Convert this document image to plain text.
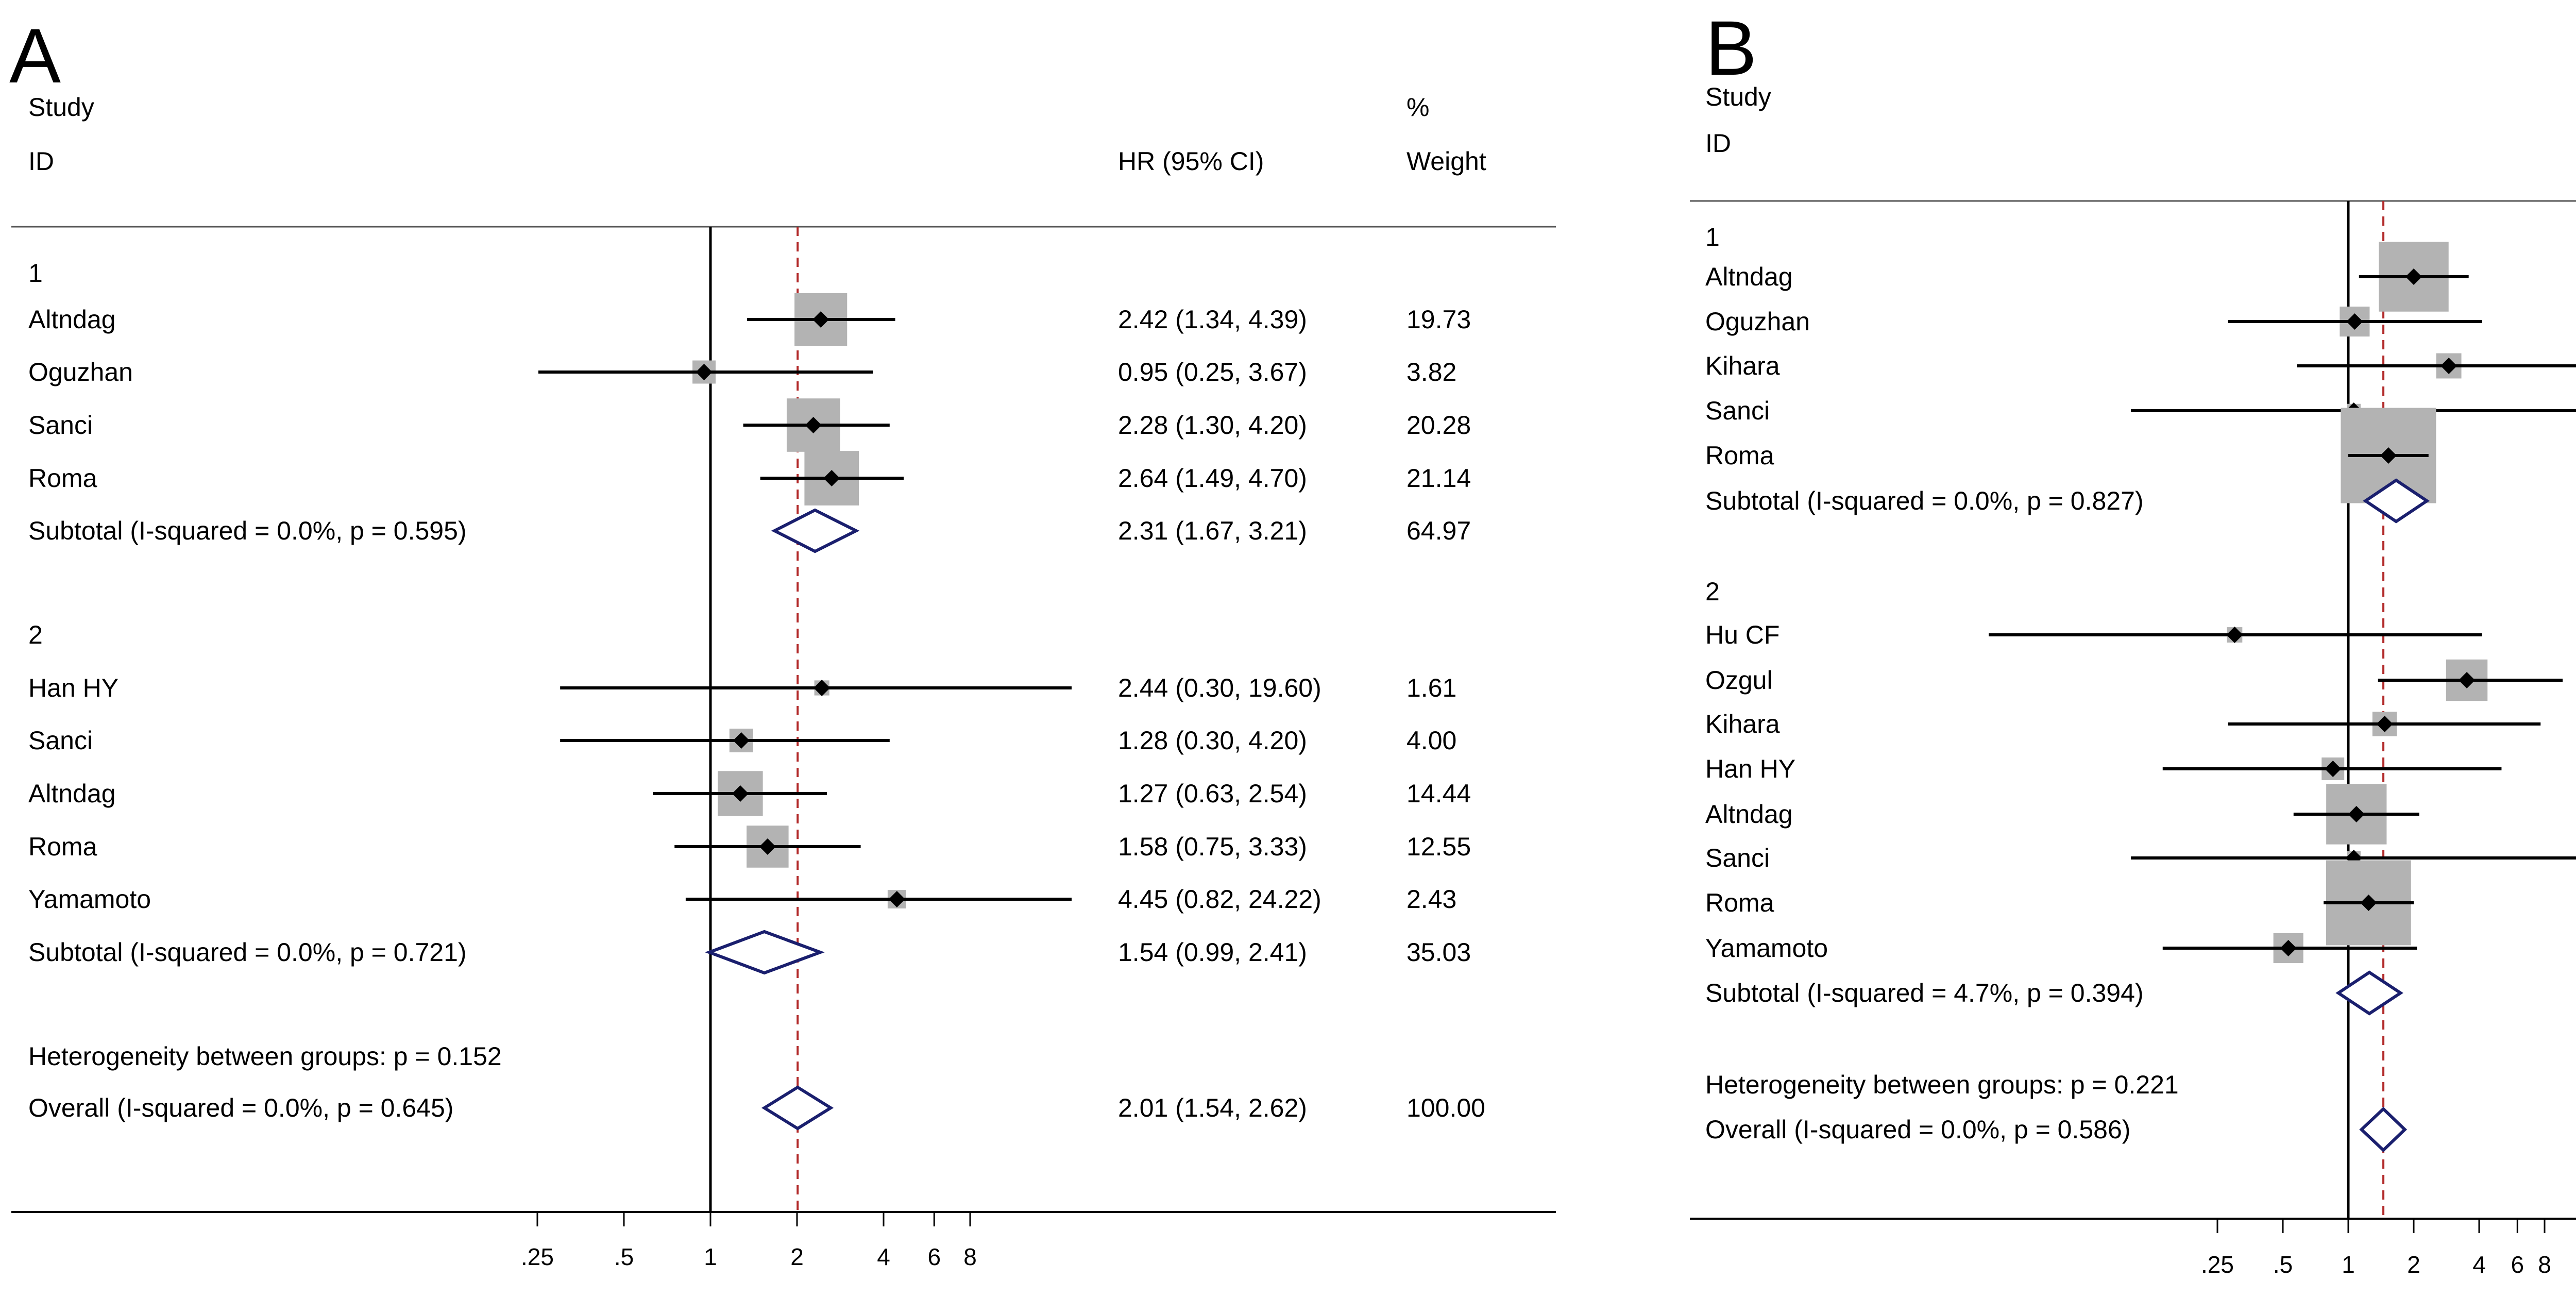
A
Study
ID	HR (95% CI)
%
Weight
.25	.5	1	2	4 6 8
1
Altndag	2.42 (1.34, 4.39)	19.73
Oguzhan	0.95 (0.25, 3.67)	3.82
Sanci	2.28 (1.30, 4.20)	20.28
Roma	2.64 (1.49, 4.70)	21.14
Subtotal (I-squared = 0.0%, p = 0.595)	2.31 (1.67, 3.21)	64.97
2
Han HY	2.44 (0.30, 19.60)	1.61
Sanci	1.28 (0.30, 4.20)	4.00
Altndag	1.27 (0.63, 2.54)	14.44
Roma	1.58 (0.75, 3.33)	12.55
Yamamoto	4.45 (0.82, 24.22)	2.43
Subtotal (I-squared = 0.0%, p = 0.721)	1.54 (0.99, 2.41)	35.03
Heterogeneity between groups: p = 0.152
Overall (I-squared = 0.0%, p = 0.645)	2.01 (1.54, 2.62)	100.00
B
Study
ID
.25 .5 1 2 4 6 8
1
Altndag
Oguzhan
Kihara
Sanci
Roma
Subtotal (I-squared = 0.0%, p = 0.827)
2
Hu CF
Ozgul
Kihara
Han HY
Altndag
Sanci
Roma
Yamamoto
Subtotal (I-squared = 4.7%, p = 0.394)
Heterogeneity between groups: p = 0.221
Overall (I-squared = 0.0%, p = 0.586)
